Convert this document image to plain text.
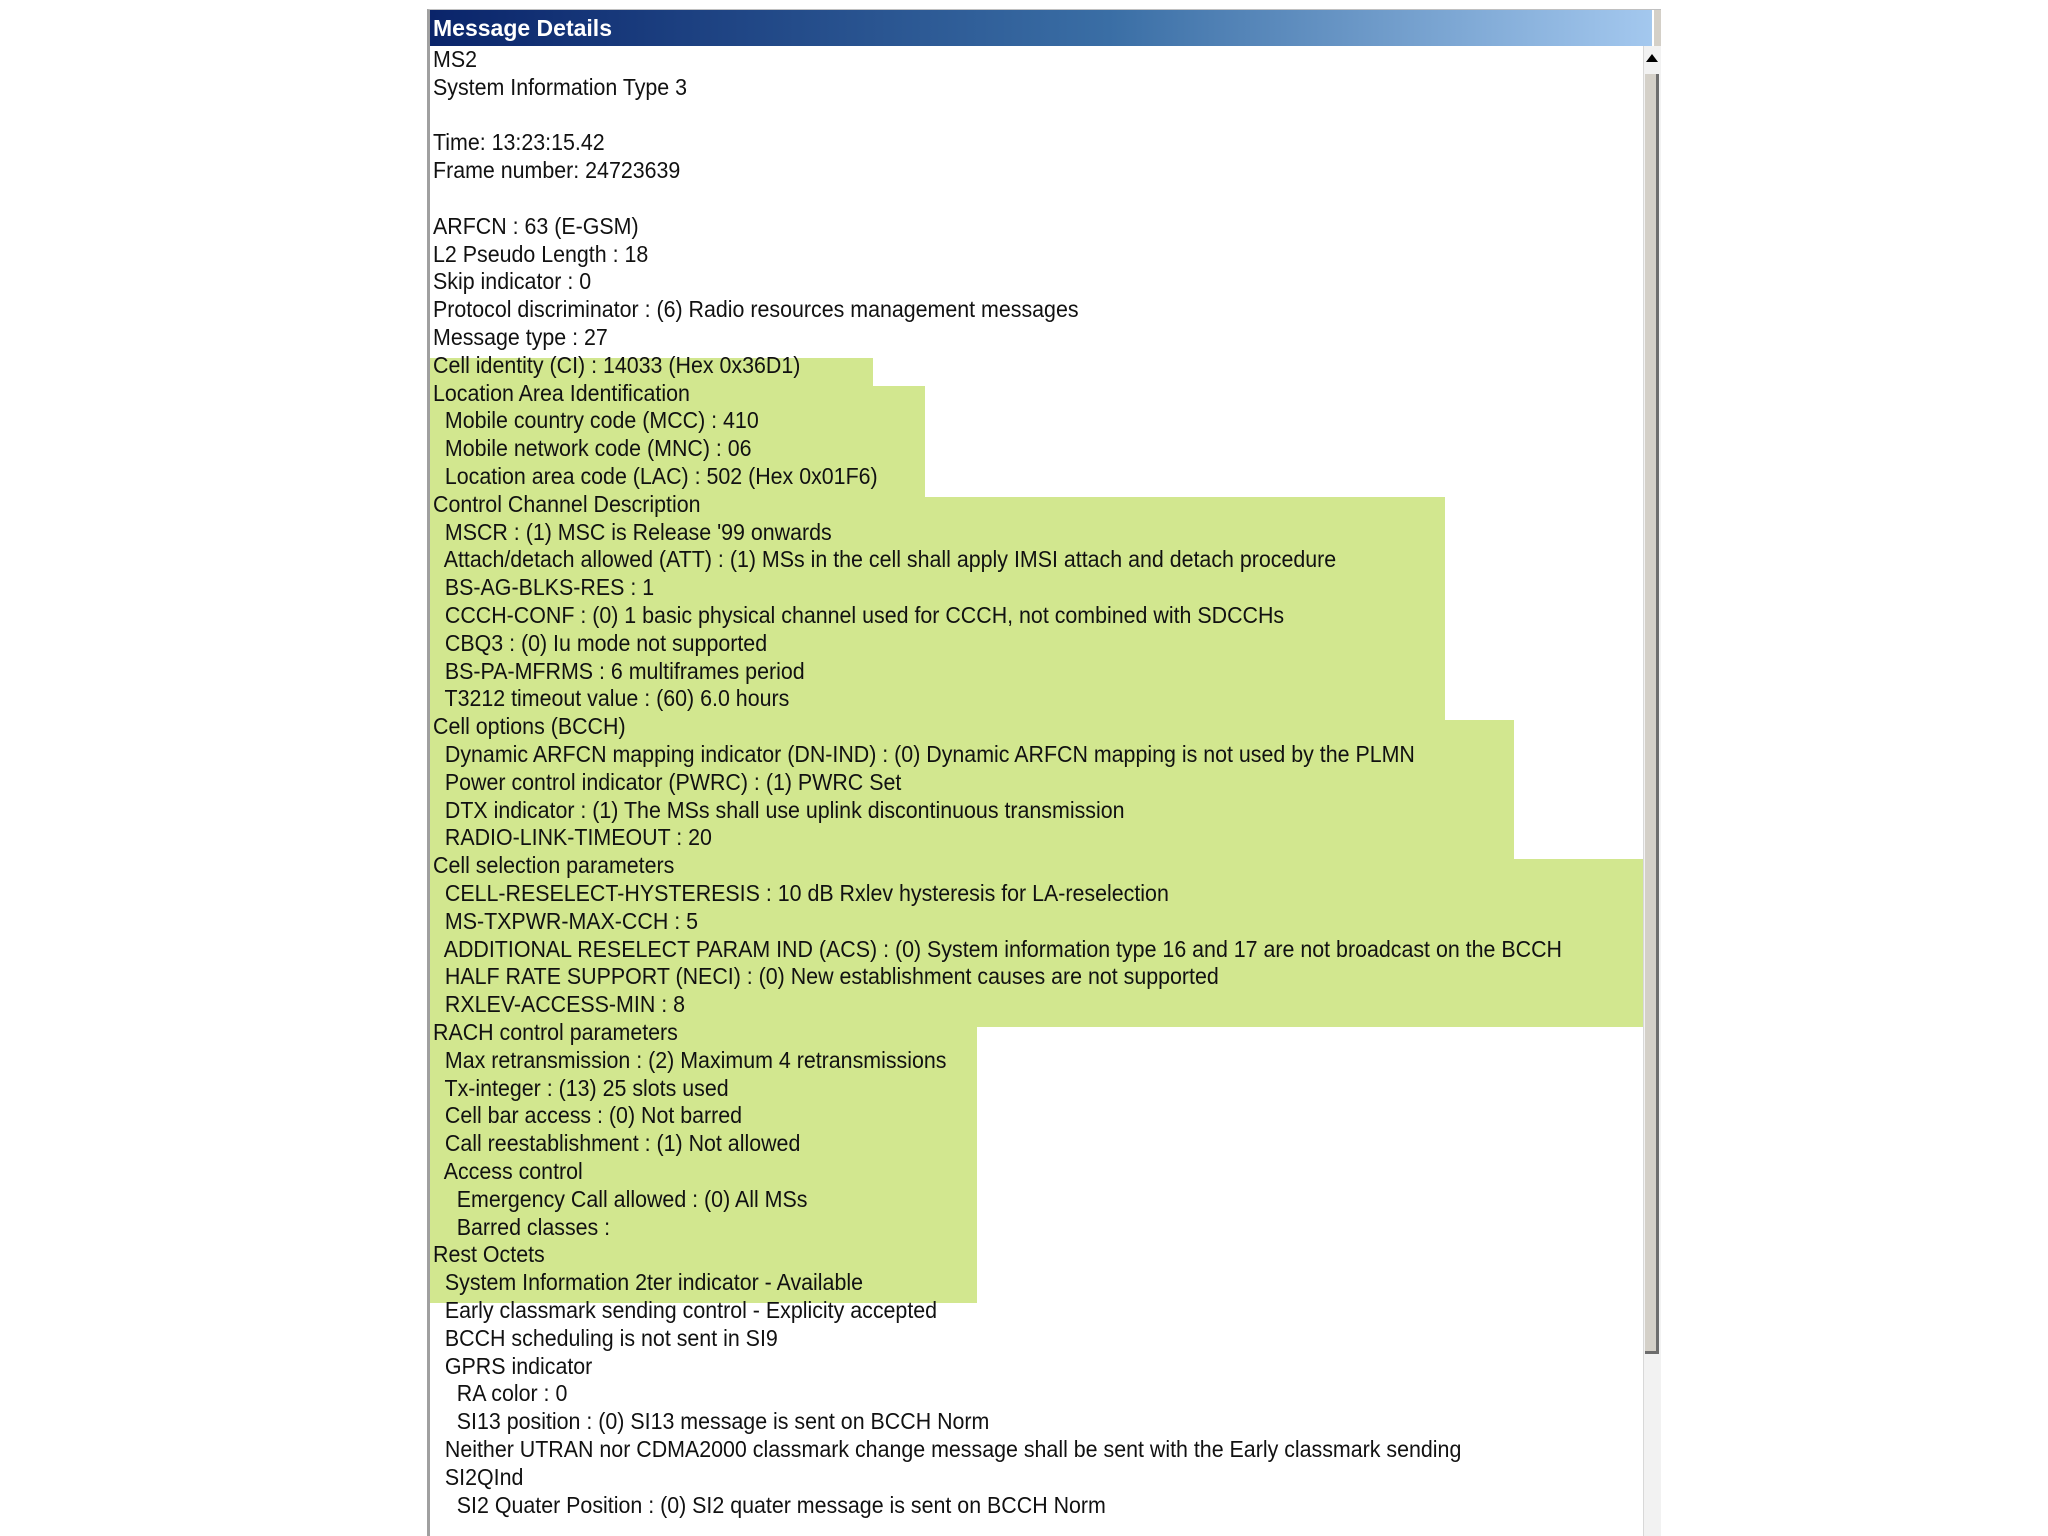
Message Details
MS2
System Information Type 3
Time: 13:23:15.42
Frame number: 24723639
ARFCN : 63 (E-GSM)
L2 Pseudo Length : 18
Skip indicator : 0
Protocol discriminator : (6) Radio resources management messages
Message type : 27
Cell identity (CI) : 14033 (Hex 0x36D1)
Location Area Identification
Mobile country code (MCC) : 410
Mobile network code (MNC) : 06
Location area code (LAC) : 502 (Hex 0x01F6)
Control Channel Description
MSCR : (1) MSC is Release '99 onwards
Attach/detach allowed (ATT) : (1) MSs in the cell shall apply IMSI attach and detach procedure
BS-AG-BLKS-RES : 1
CCCH-CONF : (0) 1 basic physical channel used for CCCH, not combined with SDCCHs
CBQ3 : (0) Iu mode not supported
BS-PA-MFRMS : 6 multiframes period
T3212 timeout value : (60) 6.0 hours
Cell options (BCCH)
Dynamic ARFCN mapping indicator (DN-IND) : (0) Dynamic ARFCN mapping is not used by the PLMN
Power control indicator (PWRC) : (1) PWRC Set
DTX indicator : (1) The MSs shall use uplink discontinuous transmission
RADIO-LINK-TIMEOUT : 20
Cell selection parameters
CELL-RESELECT-HYSTERESIS : 10 dB Rxlev hysteresis for LA-reselection
MS-TXPWR-MAX-CCH : 5
ADDITIONAL RESELECT PARAM IND (ACS) : (0) System information type 16 and 17 are not broadcast on the BCCH
HALF RATE SUPPORT (NECI) : (0) New establishment causes are not supported
RXLEV-ACCESS-MIN : 8
RACH control parameters
Max retransmission : (2) Maximum 4 retransmissions
Tx-integer : (13) 25 slots used
Cell bar access : (0) Not barred
Call reestablishment : (1) Not allowed
Access control
Emergency Call allowed : (0) All MSs
Barred classes :
Rest Octets
System Information 2ter indicator - Available
Early classmark sending control - Explicity accepted
BCCH scheduling is not sent in SI9
GPRS indicator
RA color : 0
SI13 position : (0) SI13 message is sent on BCCH Norm
Neither UTRAN nor CDMA2000 classmark change message shall be sent with the Early classmark sending
SI2QInd
SI2 Quater Position : (0) SI2 quater message is sent on BCCH Norm
